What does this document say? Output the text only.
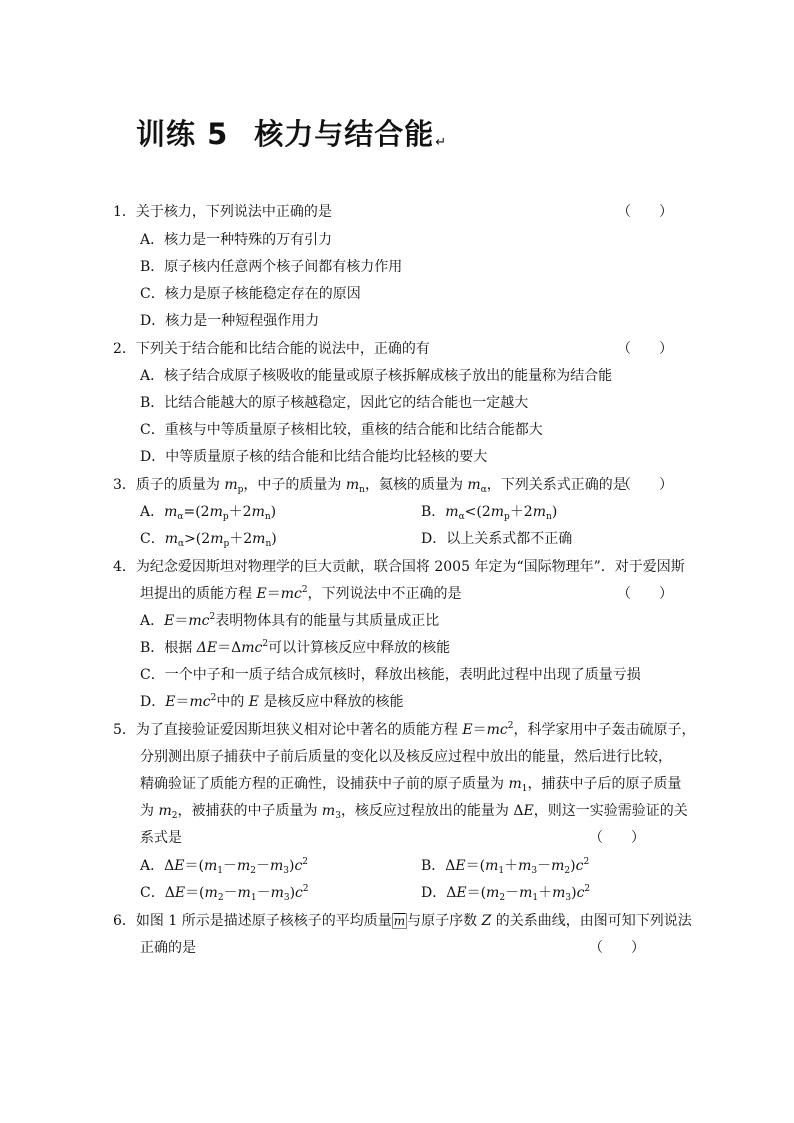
训练 5 核力与结合能↵
1．关于核力，下列说法中正确的是	（　　）
A．核力是一种特殊的万有引力
B．原子核内任意两个核子间都有核力作用
C．核力是原子核能稳定存在的原因
D．核力是一种短程强作用力
2．下列关于结合能和比结合能的说法中，正确的有	（　　）
A．核子结合成原子核吸收的能量或原子核拆解成核子放出的能量称为结合能
B．比结合能越大的原子核越稳定，因此它的结合能也一定越大
C．重核与中等质量原子核相比较，重核的结合能和比结合能都大
D．中等质量原子核的结合能和比结合能均比轻核的要大
3．质子的质量为 $m_p$，中子的质量为 $m_n$，氦核的质量为 $m_\alpha$，下列关系式正确的是
（　　）
A．$m_\alpha=(2m_p+2m_n)$	B．$m_\alpha<(2m_p+2m_n)$
C．$m_\alpha>(2m_p+2m_n)$	D．以上关系式都不正确
4．为纪念爱因斯坦对物理学的巨大贡献，联合国将 2005 年定为“国际物理年”．对于爱因斯
坦提出的质能方程 $E=mc^2$，下列说法中不正确的是	（　　）
A．$E=mc^2$表明物体具有的能量与其质量成正比
B．根据 ΔE＝Δmc$^2$可以计算核反应中释放的核能
C．一个中子和一质子结合成氘核时，释放出核能，表明此过程中出现了质量亏损
D．$E=mc^2$中的 E 是核反应中释放的核能
5．为了直接验证爱因斯坦狭义相对论中著名的质能方程 $E=mc^2$，科学家用中子轰击硫原子，
分别测出原子捕获中子前后质量的变化以及核反应过程中放出的能量，然后进行比较，
精确验证了质能方程的正确性，设捕获中子前的原子质量为 $m_1$，捕获中子后的原子质量
为 $m_2$，被捕获的中子质量为 $m_3$，核反应过程放出的能量为 ΔE，则这一实验需验证的关
系式是	（　　）
A．$\Delta E=(m_1-m_2-m_3)c^2$	B．$\Delta E=(m_1+m_3-m_2)c^2$
C．$\Delta E=(m_2-m_1-m_3)c^2$	D．$\Delta E=(m_2-m_1+m_3)c^2$
6．如图 1 所示是描述原子核核子的平均质量 $\overline{m}$ 与原子序数 Z 的关系曲线，由图可知下列说法
正确的是	（　　）
